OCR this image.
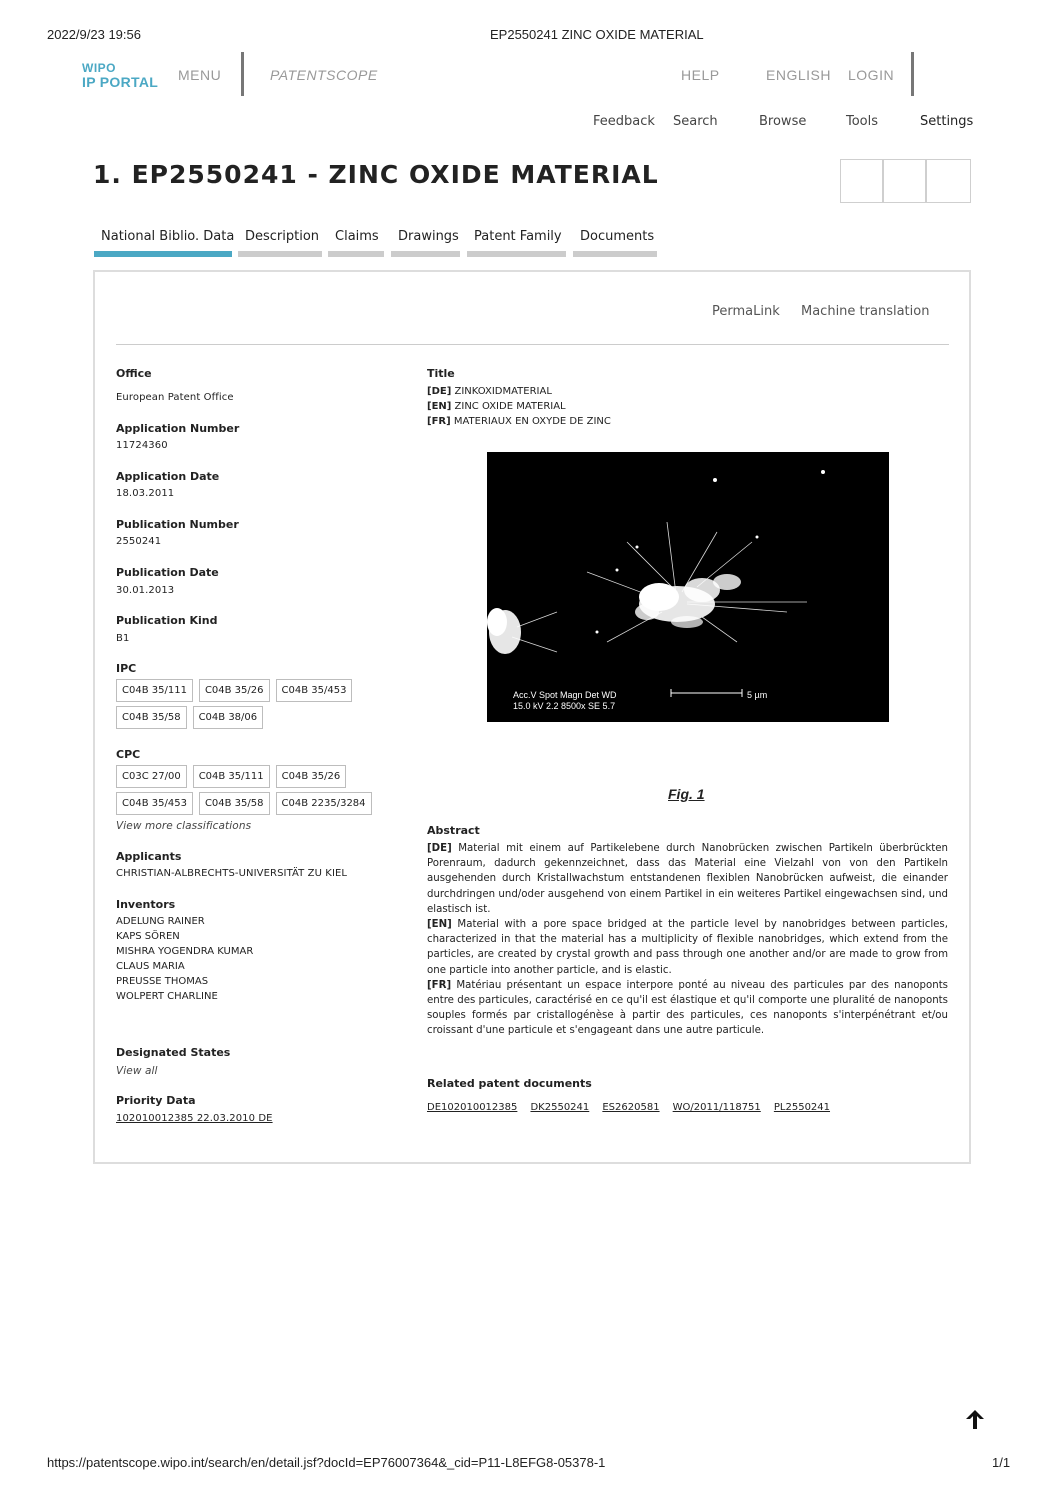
2022/9/23 19:56	EP2550241 ZINC OXIDE MATERIAL
WIPO
IP PORTAL MENU	PATENTSCOPE	HELP	ENGLISH LOGIN
Feedback Search	Browse	Tools	Settings
1. EP2550241 - ZINC OXIDE MATERIAL
National Biblio. Data Description Claims Drawings Patent Family Documents
PermaLink Machine translation
Office
European Patent Office
Application Number
11724360
Application Date
18.03.2011
Publication Number
2550241
Publication Date
30.01.2013
Publication Kind
B1
IPC
C04B 35/111	C04B 35/26	C04B 35/453
C04B 35/58	C04B 38/06
CPC
C03C 27/00	C04B 35/111	C04B 35/26
C04B 35/453	C04B 35/58	C04B 2235/3284
View more classifications
Applicants
CHRISTIAN-ALBRECHTS-UNIVERSITÄT ZU KIEL
Inventors
ADELUNG RAINER
KAPS SÖREN
MISHRA YOGENDRA KUMAR
CLAUS MARIA
PREUSSE THOMAS
WOLPERT CHARLINE
Designated States
View all
Priority Data
102010012385 22.03.2010 DE
Title
[DE] ZINKOXIDMATERIAL
[EN] ZINC OXIDE MATERIAL
[FR] MATERIAUX EN OXYDE DE ZINC
Acc.V Spot Magn Det WD
15.0 kV 2.2 8500x SE 5.7
5 µm
Fig. 1
Abstract
[DE] Material mit einem auf Partikelebene durch Nanobrücken zwischen Partikeln überbrückten Porenraum, dadurch gekennzeichnet, dass das Material eine Vielzahl von von den Partikeln ausgehenden durch Kristallwachstum entstandenen flexiblen Nanobrücken aufweist, die einander durchdringen und/oder ausgehend von einem Partikel in ein weiteres Partikel eingewachsen sind, und elastisch ist.
[EN] Material with a pore space bridged at the particle level by nanobridges between particles, characterized in that the material has a multiplicity of flexible nanobridges, which extend from the particles, are created by crystal growth and pass through one another and/or are made to grow from one particle into another particle, and is elastic.
[FR] Matériau présentant un espace interpore ponté au niveau des particules par des nanoponts entre des particules, caractérisé en ce qu'il est élastique et qu'il comporte une pluralité de nanoponts souples formés par cristallogénèse à partir des particules, ces nanoponts s'interpénétrant et/ou croissant d'une particule et s'engageant dans une autre particule.
Related patent documents
DE102010012385 DK2550241 ES2620581 WO/2011/118751 PL2550241
https://patentscope.wipo.int/search/en/detail.jsf?docId=EP76007364&_cid=P11-L8EFG8-05378-1	1/1
